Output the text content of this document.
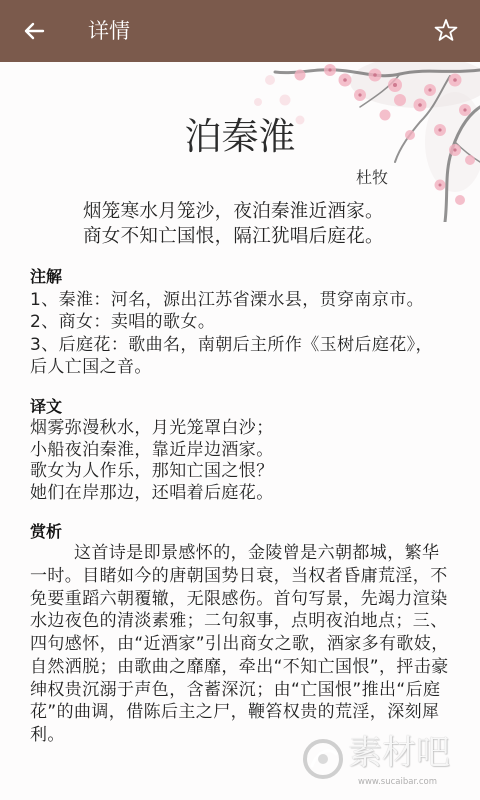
详情
泊秦淮
杜牧
烟笼寒水月笼沙，夜泊秦淮近酒家。
商女不知亡国恨，隔江犹唱后庭花。
注解
1、秦淮：河名，源出江苏省溧水县，贯穿南京市。
2、商女：卖唱的歌女。
3、后庭花：歌曲名，南朝后主所作《玉树后庭花》，
后人亡国之音。
译文
烟雾弥漫秋水，月光笼罩白沙；
小船夜泊秦淮，靠近岸边酒家。
歌女为人作乐，那知亡国之恨？
她们在岸那边，还唱着后庭花。
赏析
这首诗是即景感怀的，金陵曾是六朝都城，繁华
一时。目睹如今的唐朝国势日衰，当权者昏庸荒淫，不
免要重蹈六朝覆辙，无限感伤。首句写景，先竭力渲染
水边夜色的清淡素雅；二句叙事，点明夜泊地点；三、
四句感怀，由“近酒家”引出商女之歌，酒家多有歌妓，
自然洒脱；由歌曲之靡靡，牵出“不知亡国恨”，抨击豪
绅权贵沉溺于声色，含蓄深沉；由“亡国恨”推出“后庭
花”的曲调，借陈后主之尸，鞭笞权贵的荒淫，深刻犀
利。	素材吧
www.sucaibar.com
